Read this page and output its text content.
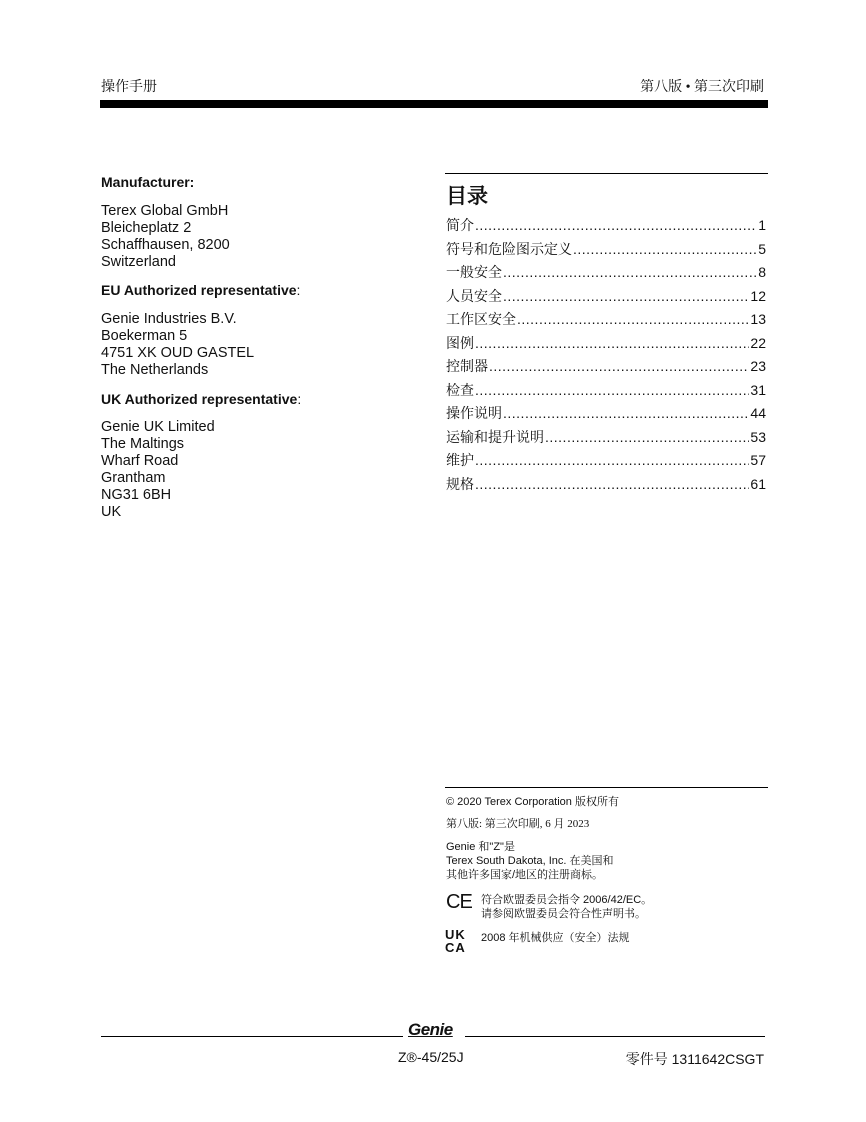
操作手册	第八版 • 第三次印刷
Manufacturer:
Terex Global GmbH
Bleicheplatz 2
Schaffhausen, 8200
Switzerland
EU Authorized representative:
Genie Industries B.V.
Boekerman 5
4751 XK OUD GASTEL
The Netherlands
UK Authorized representative:
Genie UK Limited
The Maltings
Wharf Road
Grantham
NG31 6BH
UK
目录
简介 .....	1
符号和危险图示定义 .....	5
一般安全 .....	8
人员安全 .....	12
工作区安全 .....	13
图例 .....	22
控制器 .....	23
检查 .....	31
操作说明 .....	44
运输和提升说明 .....	53
维护 .....	57
规格 .....	61
© 2020 Terex Corporation 版权所有
第八版: 第三次印刷, 6 月 2023
Genie 和"Z"是
Terex South Dakota, Inc. 在美国和
其他许多国家/地区的注册商标。
CE 符合欧盟委员会指令 2006/42/EC。
请参阅欧盟委员会符合性声明书。
UK
CA
2008 年机械供应（安全）法规
Genie
Z®-45/25J	零件号 1311642CSGT
